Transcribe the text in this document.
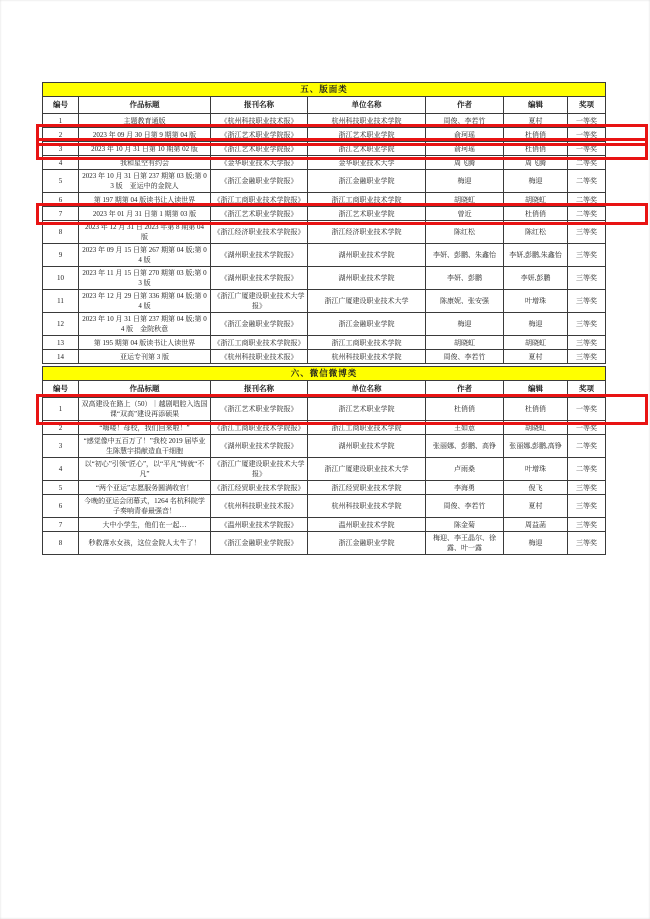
五、版面类						
编号	作品标题	报刊名称	单位名称	作者	编辑	奖项
1	主题教育通版	《杭州科技职业技术报》	杭州科技职业技术学院	周俊、李若竹	夏村	一等奖
2	2023 年 09 月 30 日第 9 期第 04 版	《浙江艺术职业学院报》	浙江艺术职业学院	俞珂瑶	杜俏俏	一等奖
3	2023 年 10 月 31 日第 10 期第 02 版	《浙江艺术职业学院报》	浙江艺术职业学院	俞珂瑶	杜俏俏	一等奖
4	我和星空有约会	《金华职业技术大学报》	金华职业技术大学	周飞腾	周飞腾	二等奖
5	2023 年 10 月 31 日第 237 期第 03 版;第 03 版　亚运中的金院人	《浙江金融职业学院报》	浙江金融职业学院	梅迎	梅迎	二等奖
6	第 197 期第 04 版读书让人读世界	《浙江工商职业技术学院报》	浙江工商职业技术学院	胡晓虹	胡晓虹	二等奖
7	2023 年 01 月 31 日第 1 期第 03 版	《浙江艺术职业学院报》	浙江艺术职业学院	曾近	杜俏俏	二等奖
8	2023 年 12 月 31 日 2023 年第 8 期第 04 版	《浙江经济职业技术学院报》	浙江经济职业技术学院	陈红松	陈红松	三等奖
9	2023 年 09 月 15 日第 267 期第 04 版;第 04 版	《湖州职业技术学院报》	湖州职业技术学院	李妍、彭鹏、朱鑫怡	李妍,彭鹏,朱鑫怡	三等奖
10	2023 年 11 月 15 日第 270 期第 03 版;第 03 版	《湖州职业技术学院报》	湖州职业技术学院	李妍、彭鹏	李妍,彭鹏	三等奖
11	2023 年 12 月 29 日第 336 期第 04 版;第 04 版	《浙江广厦建设职业技术大学报》	浙江广厦建设职业技术大学	陈康妮、张安强	叶增珠	三等奖
12	2023 年 10 月 31 日第 237 期第 04 版;第 04 版　金院秋意	《浙江金融职业学院报》	浙江金融职业学院	梅迎	梅迎	三等奖
13	第 195 期第 04 版读书让人读世界	《浙江工商职业技术学院报》	浙江工商职业技术学院	胡晓虹	胡晓虹	三等奖
14	亚运专刊第 3 版	《杭州科技职业技术报》	杭州科技职业技术学院	周俊、李若竹	夏村	三等奖
六、微信微博类						
编号	作品标题	报刊名称	单位名称	作者	编辑	奖项
1	双高建设在路上（50）｜越剧唱腔入选国课“双高”建设再添硕果	《浙江艺术职业学院报》	浙江艺术职业学院	杜俏俏	杜俏俏	一等奖
2	“嗨喽！母校，我们回来啦！”	《浙江工商职业技术学院报》	浙江工商职业技术学院	王如意	胡晓虹	一等奖
3	“感觉像中五百万了！”我校 2019 届毕业生陈慧宇捐献造血干细胞	《湖州职业技术学院报》	湖州职业技术学院	张丽娜、彭鹏、高铮	张丽娜,彭鹏,高铮	二等奖
4	以“初心”引领“匠心”，以“平凡”铸就“不凡”	《浙江广厦建设职业技术大学报》	浙江广厦建设职业技术大学	卢雨桑	叶增珠	二等奖
5	“两个亚运”志愿服务圆满收官！	《浙江经贸职业技术学院报》	浙江经贸职业技术学院	李海勇	倪飞	三等奖
6	今晚的亚运会闭幕式，1264 名杭科院学子奏响青春最强音！	《杭州科技职业技术报》	杭州科技职业技术学院	周俊、李若竹	夏村	三等奖
7	大中小学生，他们在一起…	《温州职业技术学院报》	温州职业技术学院	陈金菊	周益菡	三等奖
8	秒救落水女孩，这位金院人太牛了！	《浙江金融职业学院报》	浙江金融职业学院	梅迎、李王晶尔、徐露、叶一露	梅迎	三等奖
